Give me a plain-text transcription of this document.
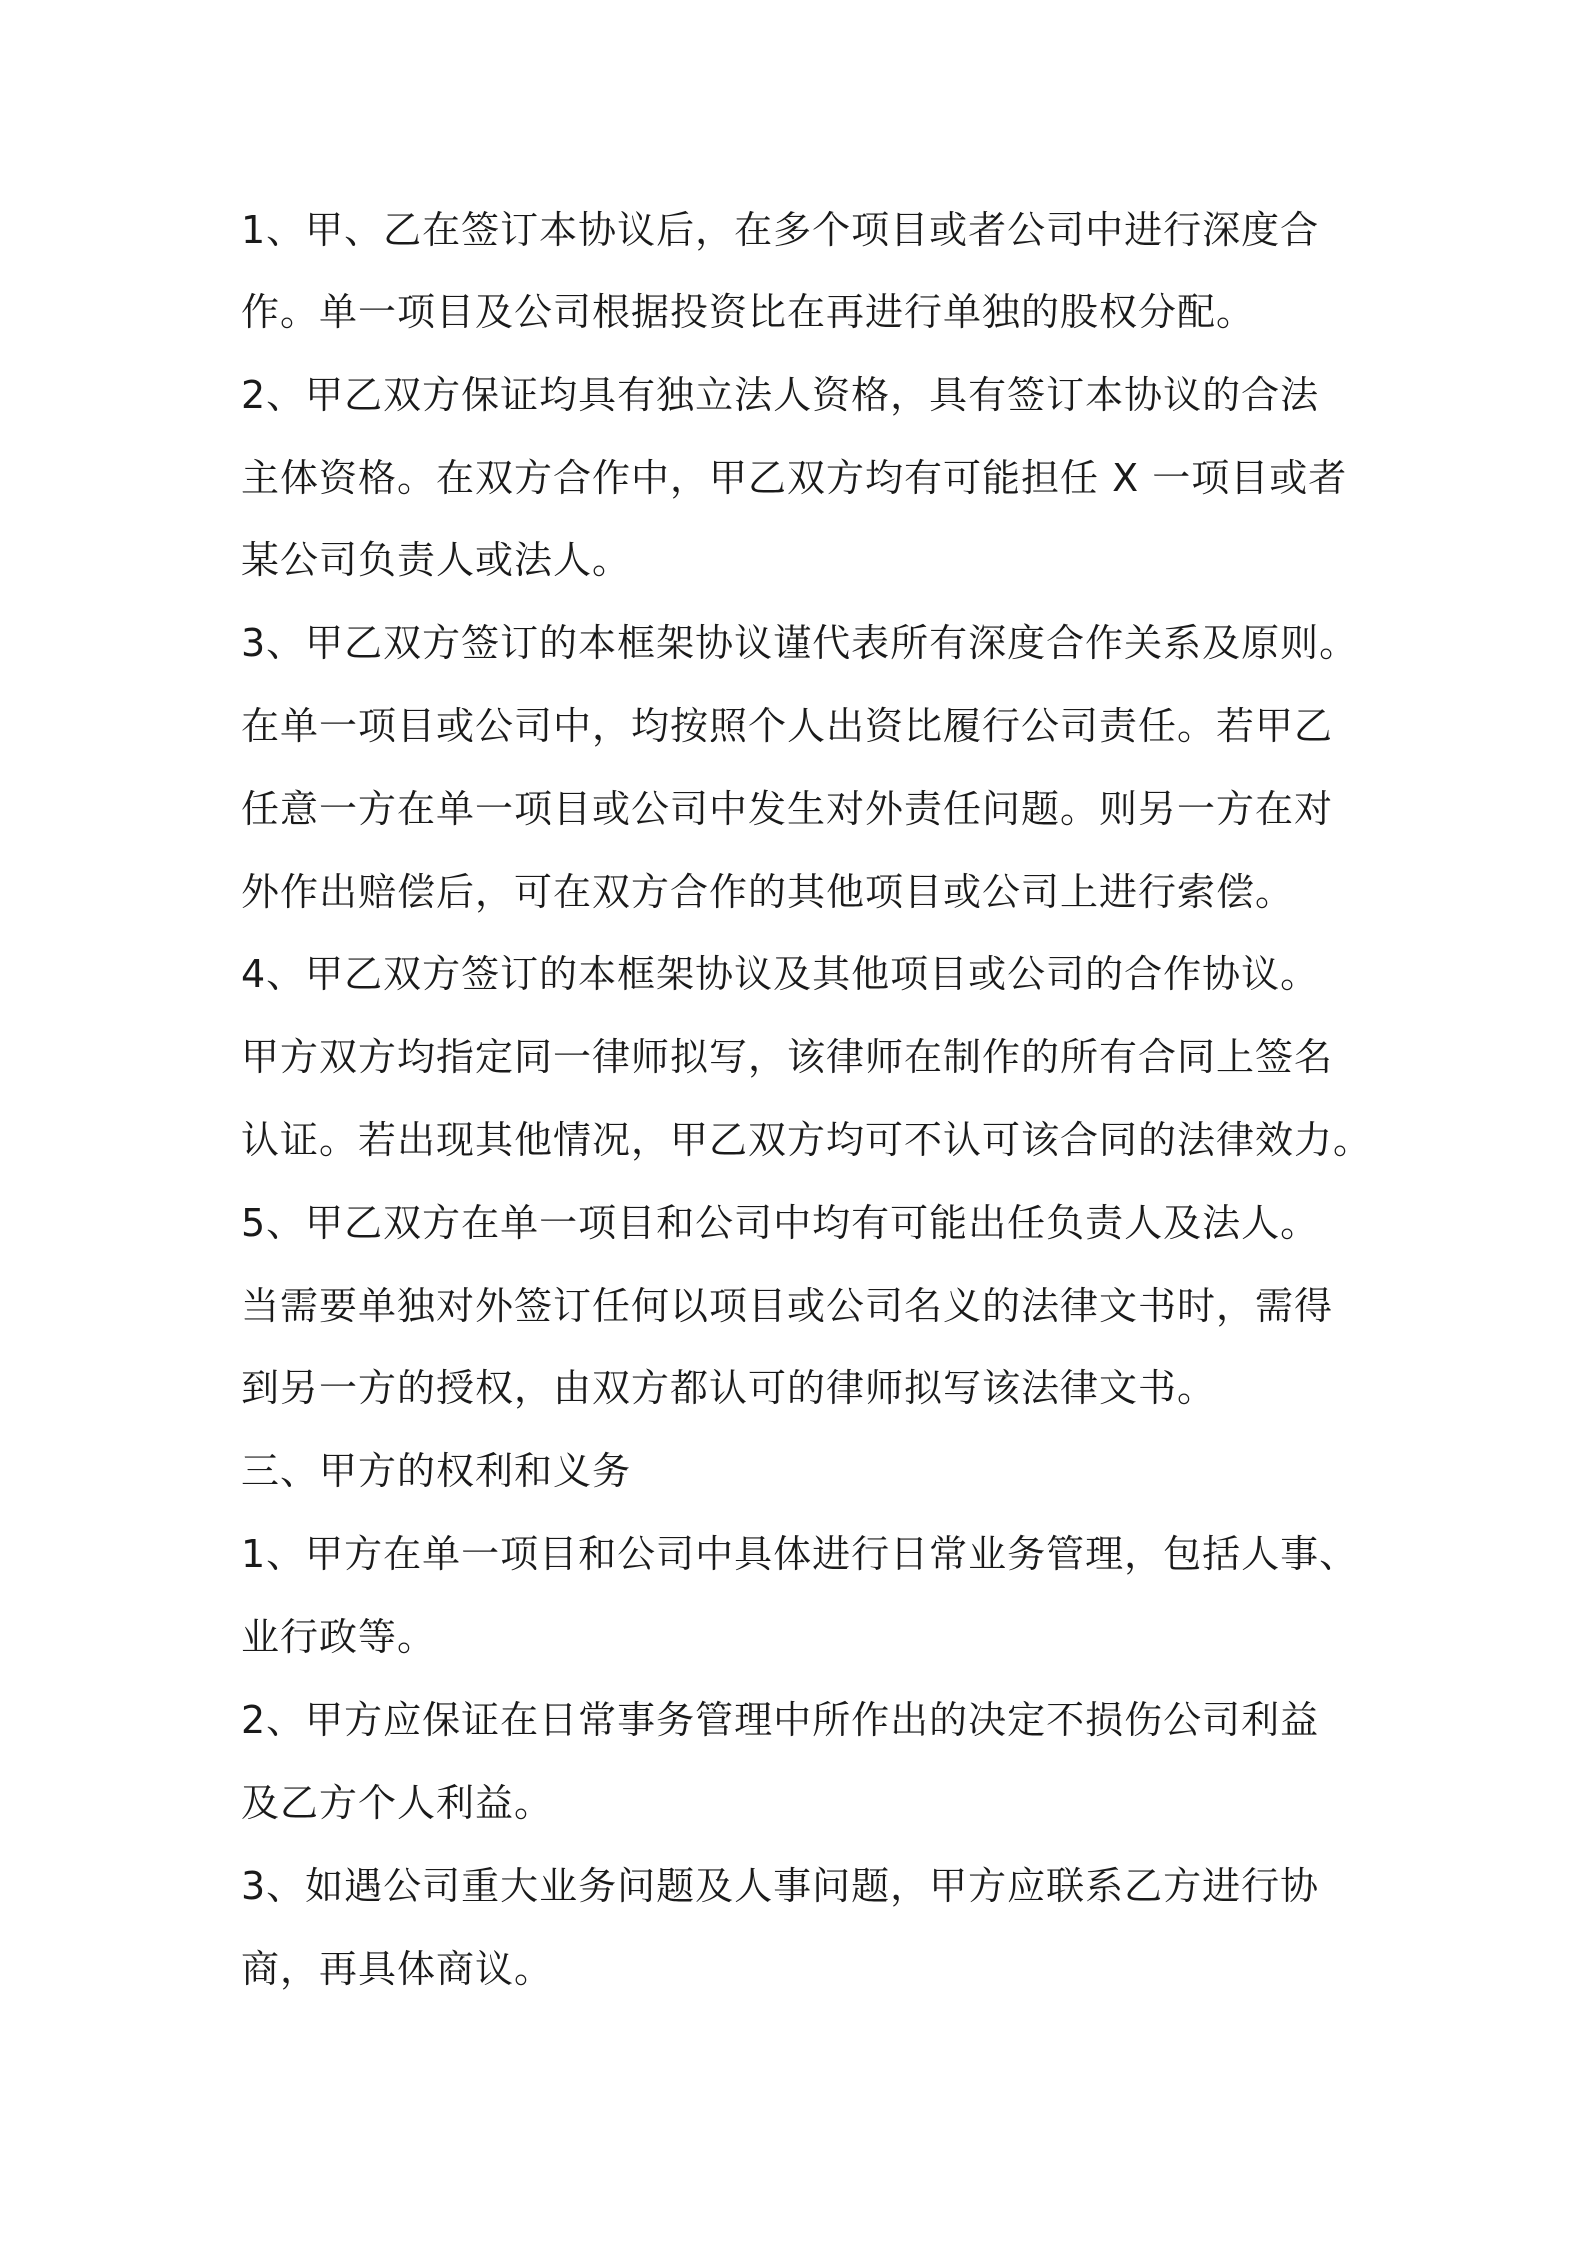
1、甲、乙在签订本协议后，在多个项目或者公司中进行深度合
作。单一项目及公司根据投资比在再进行单独的股权分配。
2、甲乙双方保证均具有独立法人资格，具有签订本协议的合法
主体资格。在双方合作中，甲乙双方均有可能担任 X 一项目或者
某公司负责人或法人。
3、甲乙双方签订的本框架协议谨代表所有深度合作关系及原则。
在单一项目或公司中，均按照个人出资比履行公司责任。若甲乙
任意一方在单一项目或公司中发生对外责任问题。则另一方在对
外作出赔偿后，可在双方合作的其他项目或公司上进行索偿。
4、甲乙双方签订的本框架协议及其他项目或公司的合作协议。
甲方双方均指定同一律师拟写，该律师在制作的所有合同上签名
认证。若出现其他情况，甲乙双方均可不认可该合同的法律效力。
5、甲乙双方在单一项目和公司中均有可能出任负责人及法人。
当需要单独对外签订任何以项目或公司名义的法律文书时，需得
到另一方的授权，由双方都认可的律师拟写该法律文书。
三、甲方的权利和义务
1、甲方在单一项目和公司中具体进行日常业务管理，包括人事、
业行政等。
2、甲方应保证在日常事务管理中所作出的决定不损伤公司利益
及乙方个人利益。
3、如遇公司重大业务问题及人事问题，甲方应联系乙方进行协
商，再具体商议。
